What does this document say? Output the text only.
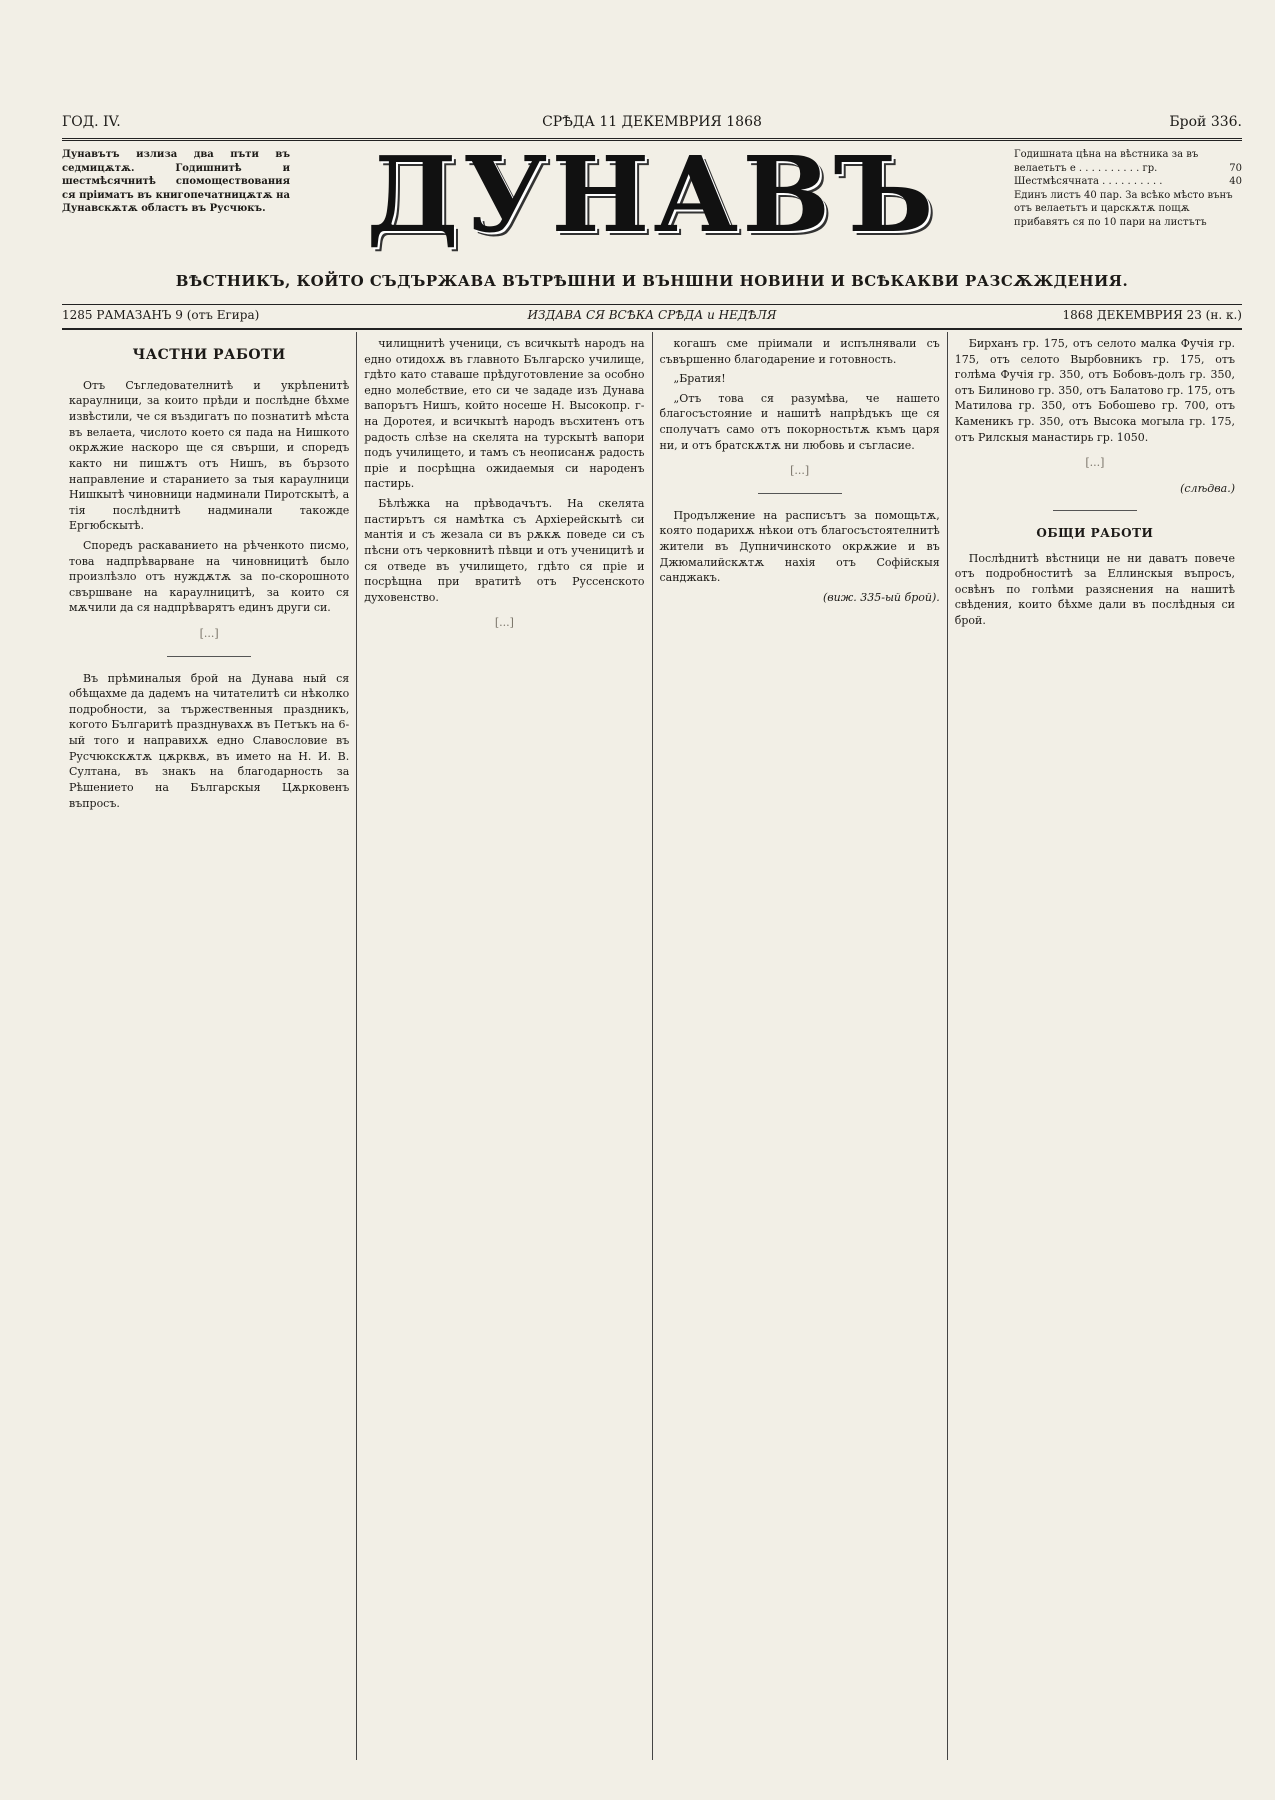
ГОД. IV.	СРѢДА 11 ДЕКЕМВРИЯ 1868	Брой 336.
Дунавътъ излиза два пъти въ седмицѫтѫ. Годишнитѣ и шестмѣсячнитѣ спомоществования ся прiиматъ въ книгопечатницѫтѫ на Дунавскѫтѫ областъ въ Русчюкъ.
Годишната цѣна на вѣстника за въ
велаетьтъ е . . . . . . . . . . гр.	70
Шестмѣсячната . . . . . . . . . .	40
Единъ листъ 40 пар. За всѣко мѣсто вънъ отъ велаетьтъ и царскѫтѫ пощѫ прибавятъ ся по 10 пари на листътъ
ДУНАВЪ
ВѢСТНИКЪ, КОЙТО СЪДЪРЖАВА ВЪТРѢШНИ И ВЪНШНИ НОВИНИ И ВСѢКАКВИ РАЗСѪЖДЕНИЯ.
1285 РАМАЗАНЪ 9 (отъ Егира)	ИЗДАВА СЯ ВСѢКА СРѢДА и НЕДѢЛЯ	1868 ДЕКЕМВРИЯ 23 (н. к.)
ЧАСТНИ РАБОТИ

Отъ Съгледователнитѣ и укрѣпенитѣ караулници, за които прѣди и послѣдне бѣхме извѣстили, че ся въздигатъ по познатитѣ мѣста въ велаета, числото което ся пада на Нишкото окрѫжие наскоро ще ся свърши, и споредъ както ни пишѫтъ отъ Нишъ, въ бързото направление и старанието за тыя караулници Нишкытѣ чиновници надминали Пиротскытѣ, а тiя послѣднитѣ надминали такожде Ергюбскытѣ.

Споредъ раскаванието на рѣченкото писмо, това надпрѣварване на чиновницитѣ было произлѣзло отъ нуждѫтѫ за по-скорошното свършване на караулницитѣ, за които ся мѫчили да ся надпрѣварятъ единъ други си.

[...]

Въ прѣминалыя брой на Дунава ный ся обѣщахме да дадемъ на читателитѣ си нѣколко подробности, за тържественныя праздникъ, когото Българитѣ празднувахѫ въ Петъкъ на 6-ый того и направихѫ едно Славословие въ Русчюкскѫтѫ цѫрквѫ, въ името на Н. И. В. Султана, въ знакъ на благодарность за Рѣшението на Българскыя Цѫрковенъ въпросъ.

чилищнитѣ ученици, съ всичкытѣ народъ на едно отидохѫ въ главното Българско училище, гдѣто като ставаше прѣдуготовление за особно едно молебствие, ето си че зададе изъ Дунава вапорътъ Нишъ, който носеше Н. Высокопр. г-на Доротея, и всичкытѣ народъ въсхитенъ отъ радость слѣзе на скелята на турскытѣ вапори подъ училището, и тамъ съ неописанѫ радость прiе и посрѣщна ожидаемыя си народенъ пастирь.

Бѣлѣжка на прѣводачътъ. На скелята пастирътъ ся намѣтка съ Архiерейскытѣ си мантiя и съ жезала си въ рѫкѫ поведе си съ пѣсни отъ черковнитѣ пѣвци и отъ ученицитѣ и ся отведе въ училището, гдѣто ся прiе и посрѣщна при вратитѣ отъ Руссенското духовенство.

[...]

когашъ сме прiимали и испълнявали съ съвършенно благодарение и готовность.

„Братия!

„Отъ това ся разумѣва, че нашето благосъстояние и нашитѣ напрѣдъкъ ще ся сполучатъ само отъ покорностьтѫ къмъ царя ни, и отъ братскѫтѫ ни любовь и съгласие.

[...]

Продължение на расписътъ за помощьтѫ, която подарихѫ нѣкои отъ благосъстоятелнитѣ жители въ Дупничинското окрѫжие и въ Джюмалийскѫтѫ нахiя отъ Софiйскыя санджакъ.

(виж. 335-ый брой).

Бирханъ гр. 175, отъ селото малка Фучiя гр. 175, отъ селото Вырбовникъ гр. 175, отъ голѣма Фучiя гр. 350, отъ Бобовъ-долъ гр. 350, отъ Билиново гр. 350, отъ Балатово гр. 175, отъ Матилова гр. 350, отъ Бобошево гр. 700, отъ Каменикъ гр. 350, отъ Высока могыла гр. 175, отъ Рилскыя манастирь гр. 1050.

[...]

(слѣдва.)

ОБЩИ РАБОТИ

Послѣднитѣ вѣстници не ни даватъ повече отъ подробноститѣ за Еллинскыя въпросъ, освѣнъ по голѣми разяснения на нашитѣ свѣдения, които бѣхме дали въ послѣдныя си брой.
